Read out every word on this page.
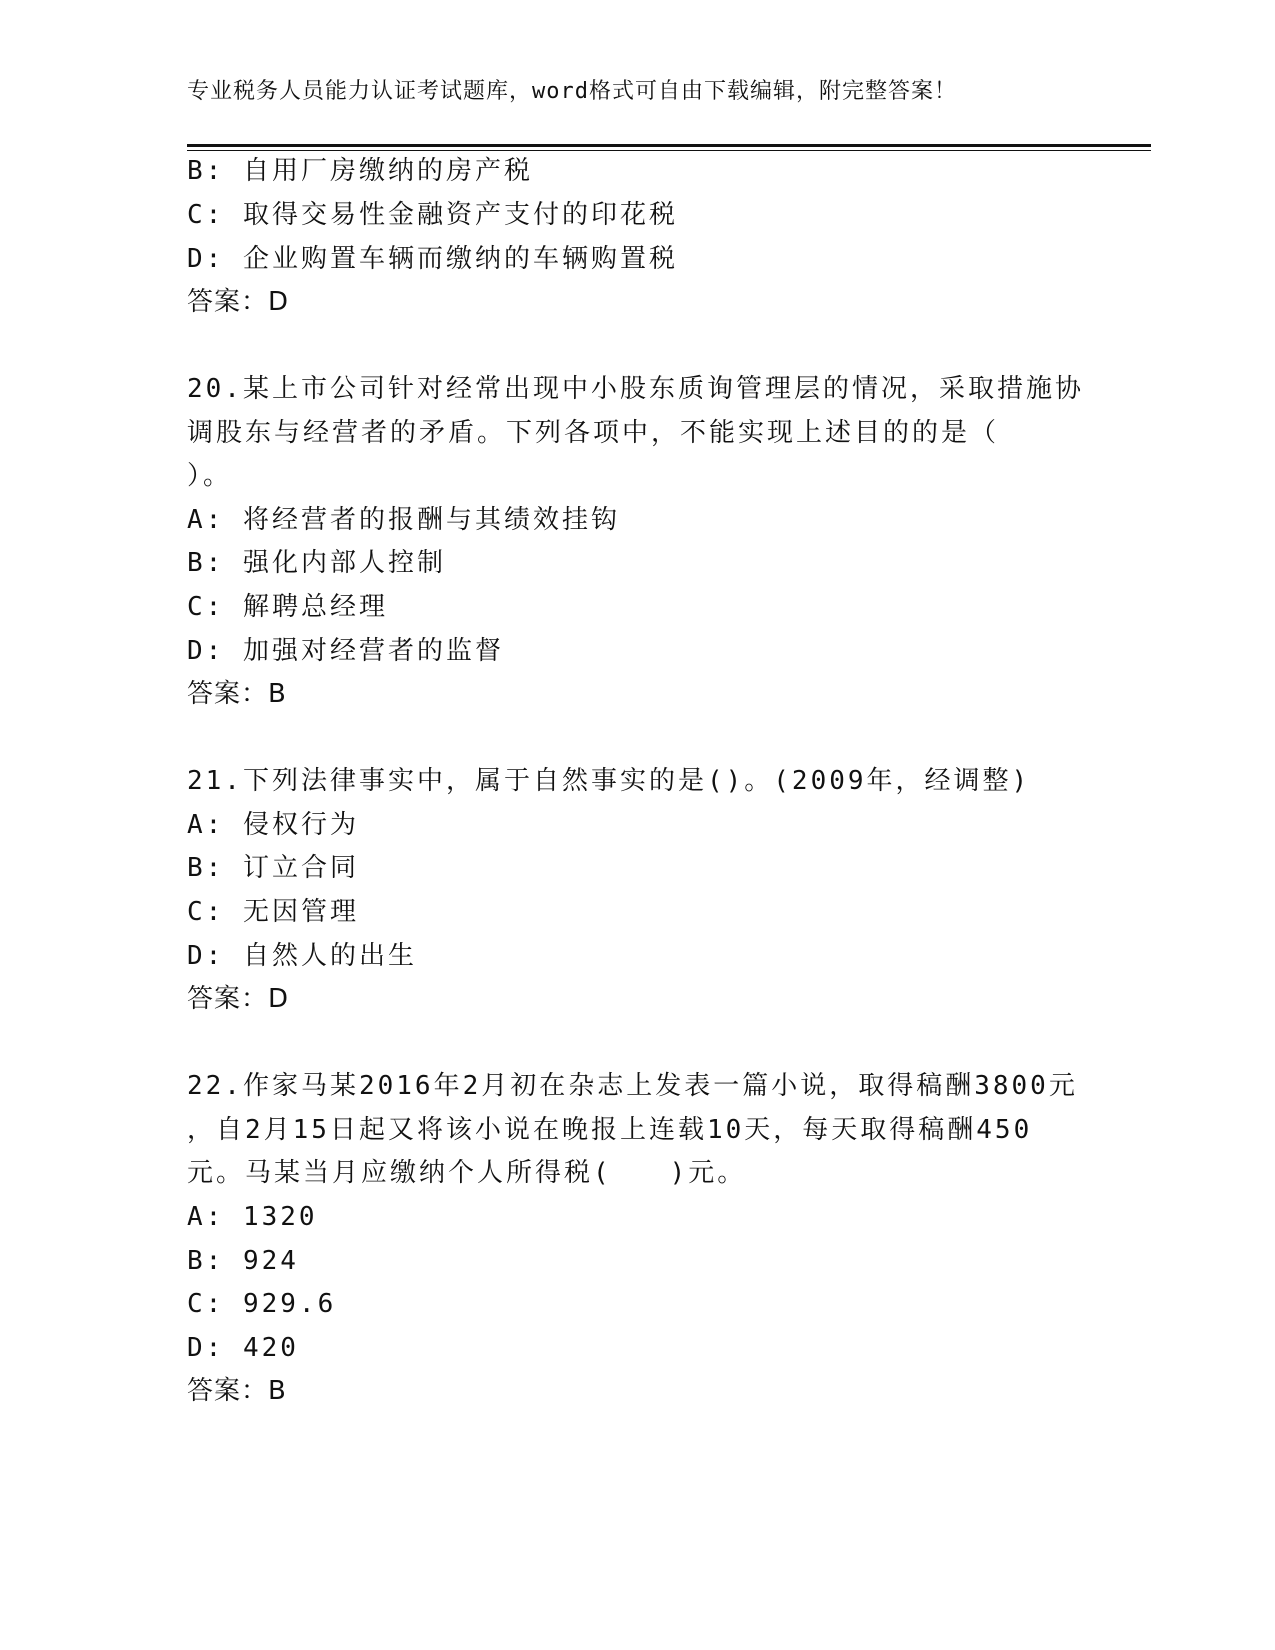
专业税务人员能力认证考试题库，word格式可自由下载编辑，附完整答案！
B: 自用厂房缴纳的房产税
C: 取得交易性金融资产支付的印花税
D: 企业购置车辆而缴纳的车辆购置税
答案：D
20.某上市公司针对经常出现中小股东质询管理层的情况，采取措施协
调股东与经营者的矛盾。下列各项中，不能实现上述目的的是（
）。
A: 将经营者的报酬与其绩效挂钩
B: 强化内部人控制
C: 解聘总经理
D: 加强对经营者的监督
答案：B
21.下列法律事实中，属于自然事实的是()。(2009年，经调整)
A: 侵权行为
B: 订立合同
C: 无因管理
D: 自然人的出生
答案：D
22.作家马某2016年2月初在杂志上发表一篇小说，取得稿酬3800元
，自2月15日起又将该小说在晚报上连载10天，每天取得稿酬450
元。马某当月应缴纳个人所得税(　　)元。
A: 1320
B: 924
C: 929.6
D: 420
答案：B
